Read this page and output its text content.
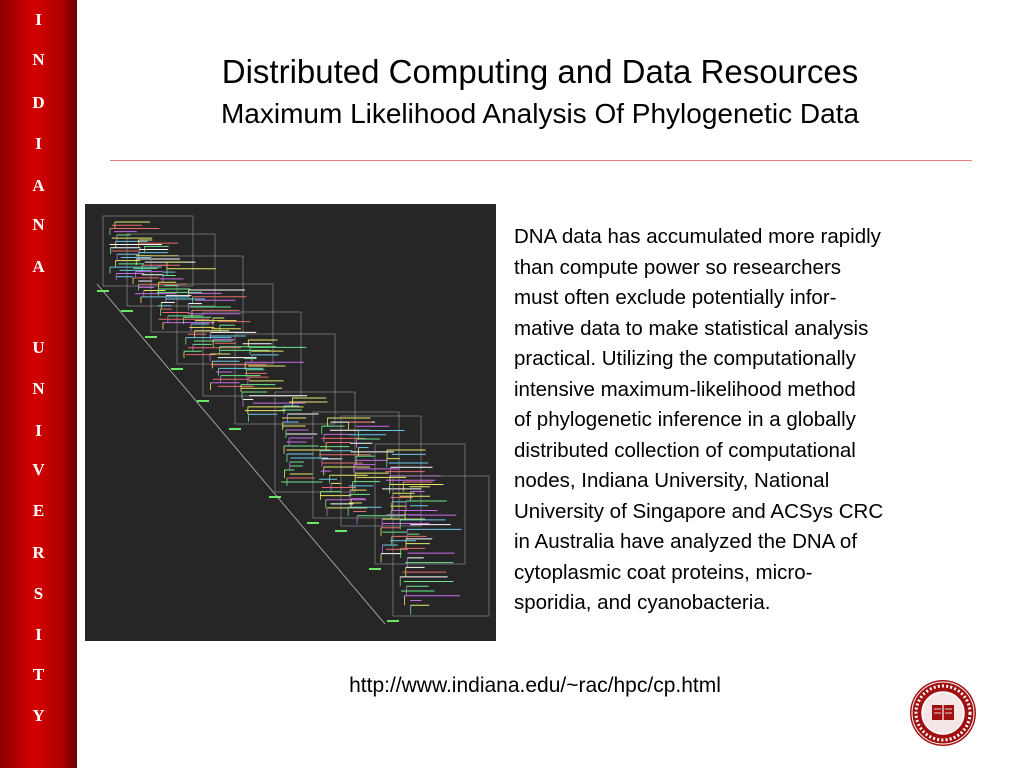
I
N
D
I
A
N
A
U
N
I
V
E
R
S
I
T
Y
Distributed Computing and Data Resources
Maximum Likelihood Analysis Of Phylogenetic Data
DNA data has accumulated more rapidly
than compute power so researchers
must often exclude potentially infor-
mative data to make statistical analysis
practical. Utilizing the computationally
intensive maximum-likelihood method
of phylogenetic inference in a globally
distributed collection of computational
nodes, Indiana University, National
University of Singapore and ACSys CRC
in Australia have analyzed the DNA of
cytoplasmic coat proteins, micro-
sporidia, and cyanobacteria.
http://www.indiana.edu/~rac/hpc/cp.html
